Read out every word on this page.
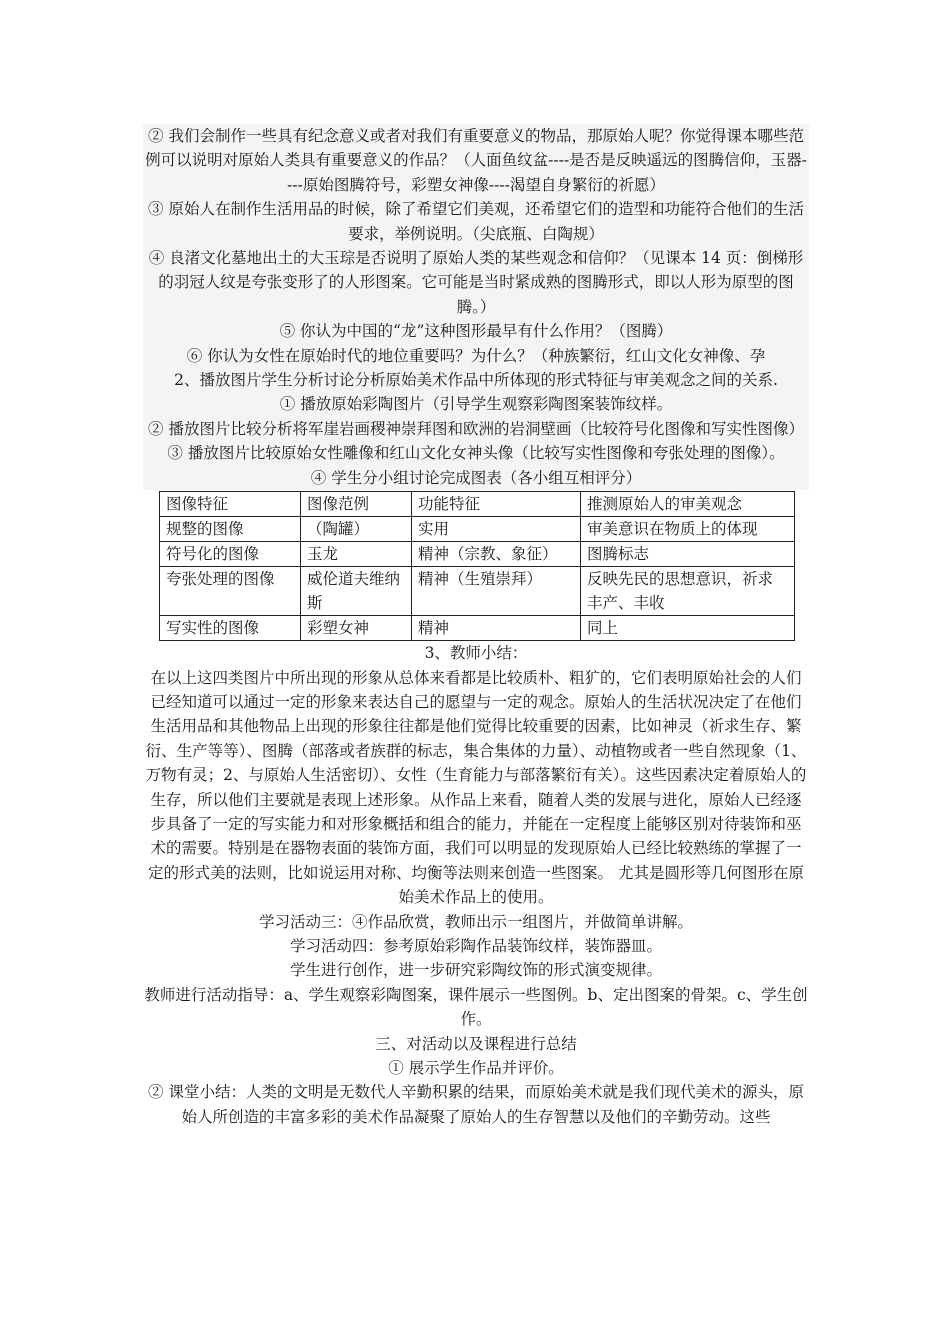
② 我们会制作一些具有纪念意义或者对我们有重要意义的物品，那原始人呢？你觉得课本哪些范例可以说明对原始人类具有重要意义的作品？（人面鱼纹盆----是否是反映遥远的图腾信仰，玉器----原始图腾符号，彩塑女神像----渴望自身繁衍的祈愿）

③ 原始人在制作生活用品的时候，除了希望它们美观，还希望它们的造型和功能符合他们的生活要求，举例说明。（尖底瓶、白陶规）

④ 良渚文化墓地出土的大玉琮是否说明了原始人类的某些观念和信仰？（见课本 14 页：倒梯形的羽冠人纹是夸张变形了的人形图案。它可能是当时紧成熟的图腾形式，即以人形为原型的图腾。）

⑤ 你认为中国的“龙”这种图形最早有什么作用？（图腾）

⑥ 你认为女性在原始时代的地位重要吗？为什么？（种族繁衍，红山文化女神像、孕

2、播放图片学生分析讨论分析原始美术作品中所体现的形式特征与审美观念之间的关系.

① 播放原始彩陶图片（引导学生观察彩陶图案装饰纹样。

② 播放图片比较分析将军崖岩画稷神崇拜图和欧洲的岩洞壁画（比较符号化图像和写实性图像）

③ 播放图片比较原始女性雕像和红山文化女神头像（比较写实性图像和夸张处理的图像）。

④ 学生分小组讨论完成图表（各小组互相评分）

图像特征	图像范例	功能特征	推测原始人的审美观念
规整的图像	（陶罐）	实用	审美意识在物质上的体现
符号化的图像	玉龙	精神（宗教、象征）	图腾标志
夸张处理的图像	威伦道夫维纳斯	精神（生殖崇拜）	反映先民的思想意识，祈求丰产、丰收
写实性的图像	彩塑女神	精神	同上

3、教师小结：

在以上这四类图片中所出现的形象从总体来看都是比较质朴、粗犷的，它们表明原始社会的人们已经知道可以通过一定的形象来表达自己的愿望与一定的观念。原始人的生活状况决定了在他们生活用品和其他物品上出现的形象往往都是他们觉得比较重要的因素，比如神灵（祈求生存、繁衍、生产等等）、图腾（部落或者族群的标志，集合集体的力量）、动植物或者一些自然现象（1、万物有灵；2、与原始人生活密切）、女性（生育能力与部落繁衍有关）。这些因素决定着原始人的生存，所以他们主要就是表现上述形象。从作品上来看，随着人类的发展与进化，原始人已经逐步具备了一定的写实能力和对形象概括和组合的能力，并能在一定程度上能够区别对待装饰和巫术的需要。特别是在器物表面的装饰方面，我们可以明显的发现原始人已经比较熟练的掌握了一定的形式美的法则，比如说运用对称、均衡等法则来创造一些图案。 尤其是圆形等几何图形在原始美术作品上的使用。

学习活动三：④作品欣赏，教师出示一组图片，并做简单讲解。

学习活动四：参考原始彩陶作品装饰纹样，装饰器皿。

学生进行创作，进一步研究彩陶纹饰的形式演变规律。

教师进行活动指导：a、学生观察彩陶图案，课件展示一些图例。b、定出图案的骨架。c、学生创作。

三、对活动以及课程进行总结

① 展示学生作品并评价。

② 课堂小结：人类的文明是无数代人辛勤积累的结果，而原始美术就是我们现代美术的源头，原始人所创造的丰富多彩的美术作品凝聚了原始人的生存智慧以及他们的辛勤劳动。这些
